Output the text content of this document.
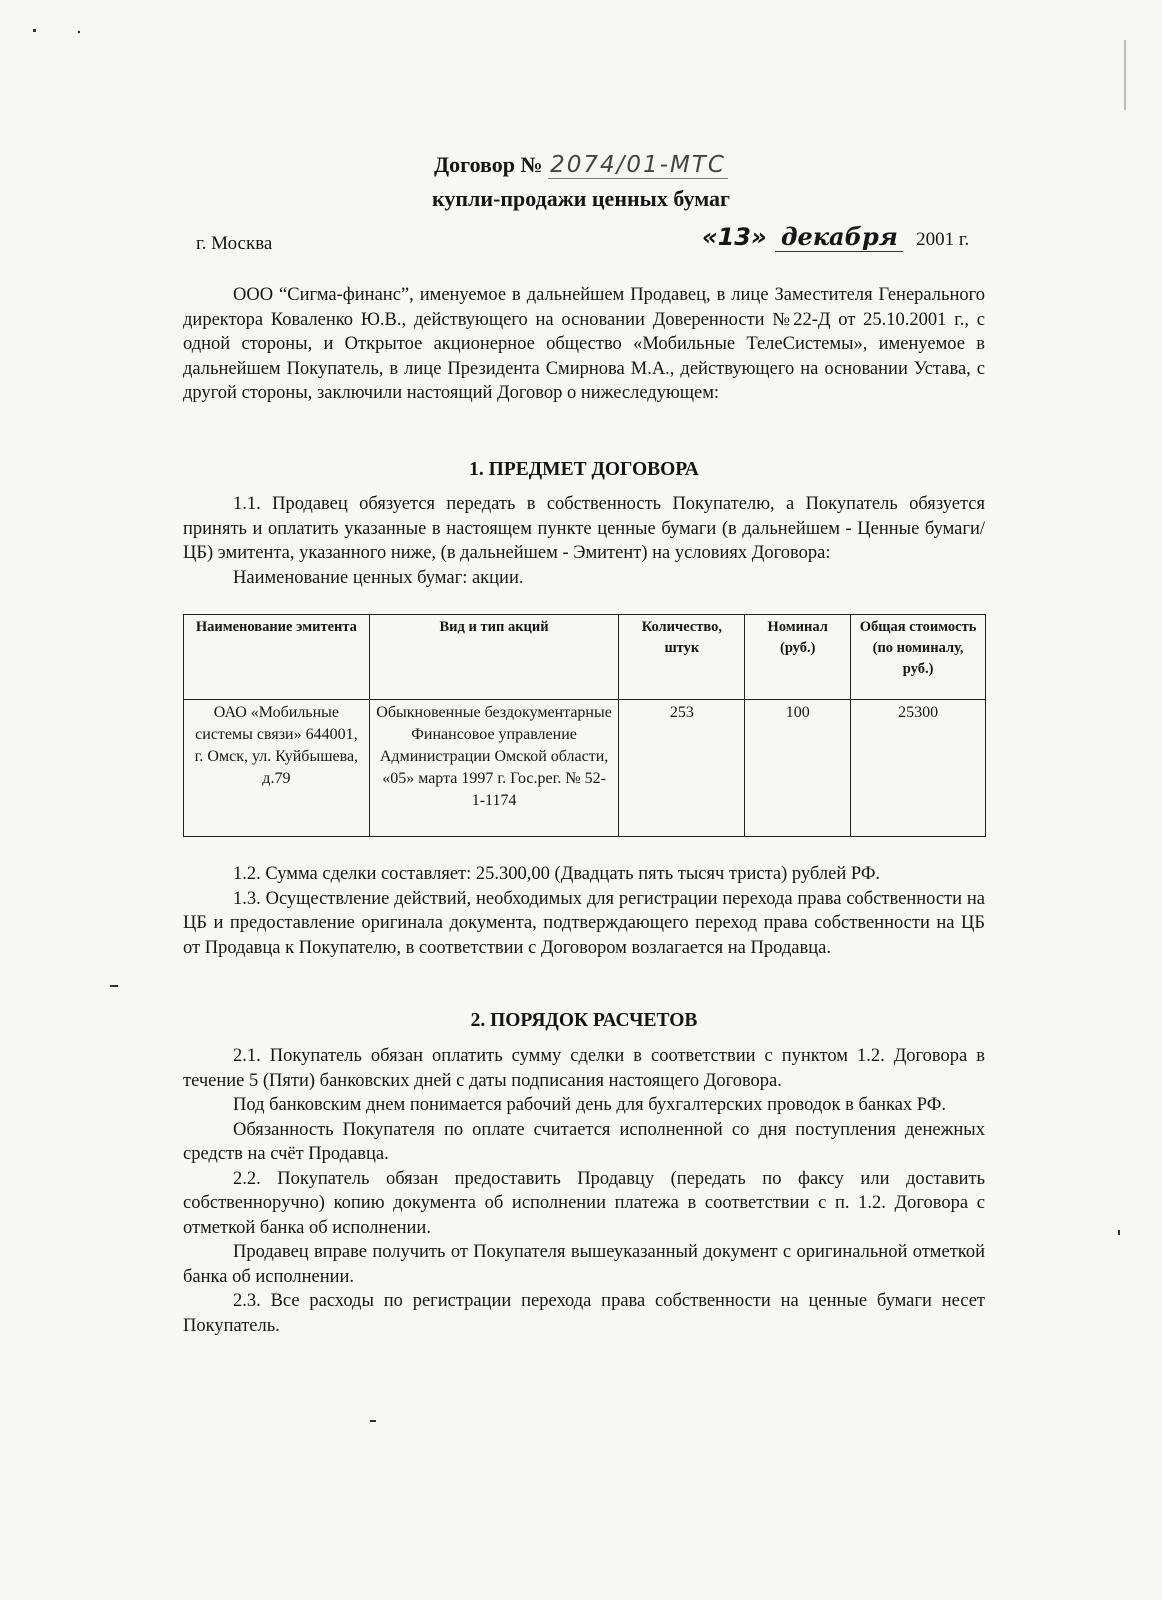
Договор № 2074/01-МТС
купли-продажи ценных бумаг
г. Москва	«13» декабря 2001 г.

ООО “Сигма-финанс”, именуемое в дальнейшем Продавец, в лице Заместителя Генерального директора Коваленко Ю.В., действующего на основании Доверенности №22-Д от 25.10.2001 г., с одной стороны, и Открытое акционерное общество «Мобильные ТелеСистемы», именуемое в дальнейшем Покупатель, в лице Президента Смирнова М.А., действующего на основании Устава, с другой стороны, заключили настоящий Договор о нижеследующем:

1. ПРЕДМЕТ ДОГОВОРА

1.1. Продавец обязуется передать в собственность Покупателю, а Покупатель обязуется принять и оплатить указанные в настоящем пункте ценные бумаги (в дальнейшем - Ценные бумаги/ЦБ) эмитента, указанного ниже, (в дальнейшем - Эмитент) на условиях Договора:

Наименование ценных бумаг: акции.

Наименование эмитента	Вид и тип акций	Количество, штук	Номинал (руб.)	Общая стоимость (по номиналу, руб.)
ОАО «Мобильные системы связи» 644001, г. Омск, ул. Куйбышева, д.79	Обыкновенные бездокументарные Финансовое управление Администрации Омской области, «05» марта 1997 г. Гос.рег. № 52-1-1174	253	100	25300

1.2. Сумма сделки составляет: 25.300,00 (Двадцать пять тысяч триста) рублей РФ.

1.3. Осуществление действий, необходимых для регистрации перехода права собственности на ЦБ и предоставление оригинала документа, подтверждающего переход права собственности на ЦБ от Продавца к Покупателю, в соответствии с Договором возлагается на Продавца.

2. ПОРЯДОК РАСЧЕТОВ

2.1. Покупатель обязан оплатить сумму сделки в соответствии с пунктом 1.2. Договора в течение 5 (Пяти) банковских дней с даты подписания настоящего Договора.

Под банковским днем понимается рабочий день для бухгалтерских проводок в банках РФ.

Обязанность Покупателя по оплате считается исполненной со дня поступления денежных средств на счёт Продавца.

2.2. Покупатель обязан предоставить Продавцу (передать по факсу или доставить собственноручно) копию документа об исполнении платежа в соответствии с п. 1.2. Договора с отметкой банка об исполнении.

Продавец вправе получить от Покупателя вышеуказанный документ с оригинальной отметкой банка об исполнении.

2.3. Все расходы по регистрации перехода права собственности на ценные бумаги несет Покупатель.
